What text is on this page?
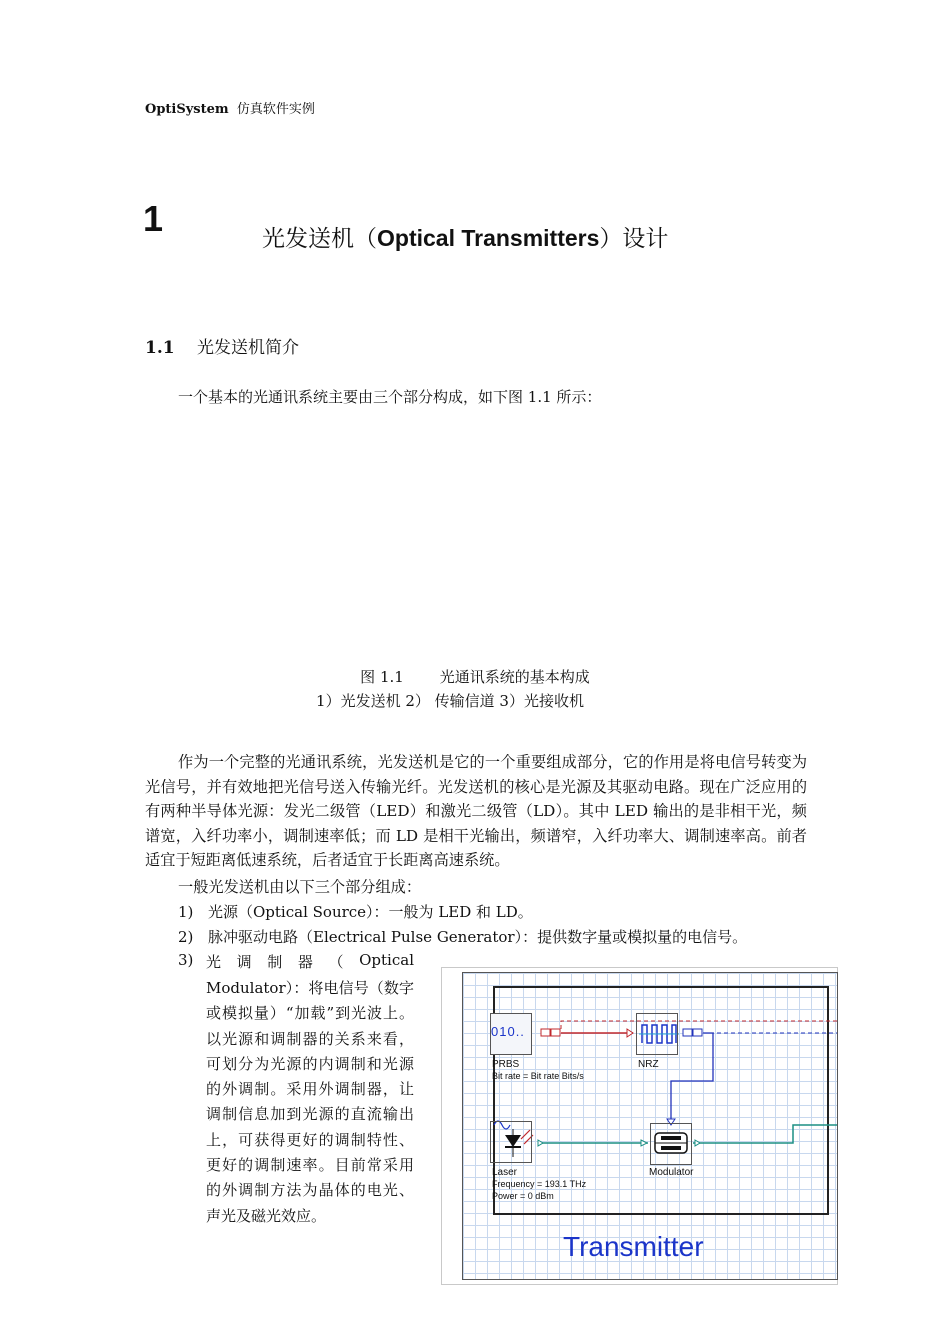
OptiSystem 仿真软件实例
1	光发送机（Optical Transmitters）设计
1.1 光发送机简介
一个基本的光通讯系统主要由三个部分构成，如下图 1.1 所示：
图 1.1 光通讯系统的基本构成
1）光发送机 2） 传输信道 3）光接收机
作为一个完整的光通讯系统，光发送机是它的一个重要组成部分，它的作用是将电信号转变为光信号，并有效地把光信号送入传输光纤。光发送机的核心是光源及其驱动电路。现在广泛应用的有两种半导体光源：发光二级管（LED）和激光二级管（LD）。其中 LED 输出的是非相干光，频谱宽，入纤功率小，调制速率低；而 LD 是相干光输出，频谱窄，入纤功率大、调制速率高。前者适宜于短距离低速系统，后者适宜于长距离高速系统。
一般光发送机由以下三个部分组成：
1) 光源（Optical Source）：一般为 LED 和 LD。
2) 脉冲驱动电路（Electrical Pulse Generator）：提供数字量或模拟量的电信号。
3) 光 调 制 器 （ Optical
Modulator）：将电信号（数字或模拟量）“加载”到光波上。以光源和调制器的关系来看，可划分为光源的内调制和光源的外调制。采用外调制器，让调制信息加到光源的直流输出上，可获得更好的调制特性、更好的调制速率。目前常采用的外调制方法为晶体的电光、声光及磁光效应。
010..
PRBS
Bit rate = Bit rate Bits/s
NRZ
Laser
Frequency = 193.1 THz
Power = 0 dBm
Modulator
Transmitter
